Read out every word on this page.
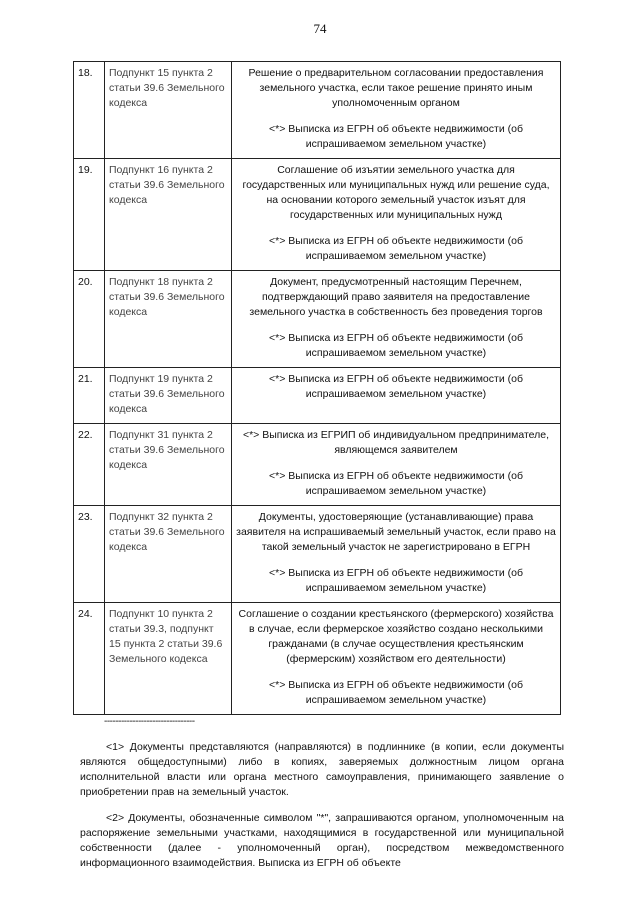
74
18.	Подпункт 15 пункта 2 статьи 39.6 Земельного кодекса	Решение о предварительном согласовании предоставления земельного участка, если такое решение принято иным уполномоченным органом

<*> Выписка из ЕГРН об объекте недвижимости (об испрашиваемом земельном участке)

19.	Подпункт 16 пункта 2 статьи 39.6 Земельного кодекса	Соглашение об изъятии земельного участка для государственных или муниципальных нужд или решение суда, на основании которого земельный участок изъят для государственных или муниципальных нужд

<*> Выписка из ЕГРН об объекте недвижимости (об испрашиваемом земельном участке)

20.	Подпункт 18 пункта 2 статьи 39.6 Земельного кодекса	Документ, предусмотренный настоящим Перечнем, подтверждающий право заявителя на предоставление земельного участка в собственность без проведения торгов

<*> Выписка из ЕГРН об объекте недвижимости (об испрашиваемом земельном участке)

21.	Подпункт 19 пункта 2 статьи 39.6 Земельного кодекса	<*> Выписка из ЕГРН об объекте недвижимости (об испрашиваемом земельном участке)

22.	Подпункт 31 пункта 2 статьи 39.6 Земельного кодекса	<*> Выписка из ЕГРИП об индивидуальном предпринимателе, являющемся заявителем

<*> Выписка из ЕГРН об объекте недвижимости (об испрашиваемом земельном участке)

23.	Подпункт 32 пункта 2 статьи 39.6 Земельного кодекса	Документы, удостоверяющие (устанавливающие) права заявителя на испрашиваемый земельный участок, если право на такой земельный участок не зарегистрировано в ЕГРН

<*> Выписка из ЕГРН об объекте недвижимости (об испрашиваемом земельном участке)

24.	Подпункт 10 пункта 2 статьи 39.3, подпункт 15 пункта 2 статьи 39.6 Земельного кодекса	Соглашение о создании крестьянского (фермерского) хозяйства в случае, если фермерское хозяйство создано несколькими гражданами (в случае осуществления крестьянским (фермерским) хозяйством его деятельности)

<*> Выписка из ЕГРН об объекте недвижимости (об испрашиваемом земельном участке)

--------------------------------

<1> Документы представляются (направляются) в подлиннике (в копии, если документы являются общедоступными) либо в копиях, заверяемых должностным лицом органа исполнительной власти или органа местного самоуправления, принимающего заявление о приобретении прав на земельный участок.

<2> Документы, обозначенные символом "*", запрашиваются органом, уполномоченным на распоряжение земельными участками, находящимися в государственной или муниципальной собственности (далее - уполномоченный орган), посредством межведомственного информационного взаимодействия. Выписка из ЕГРН об объекте
